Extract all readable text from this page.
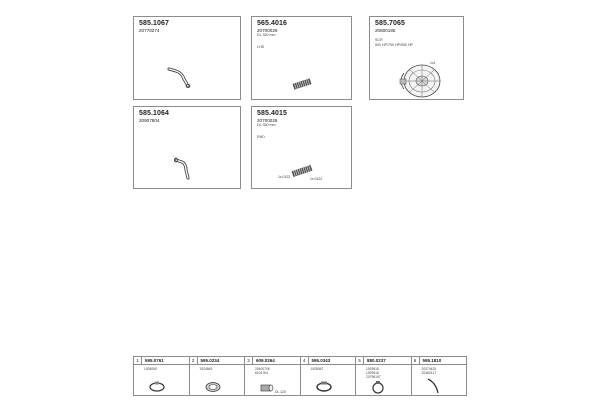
585.1067
20778274
565.4016
20700029
DL 350 mm
LHD
585.7065
20800185
SCR
500 HP/750 HP/550 HP
1x1
585.1064
20907804
585.4015
20700028
DL 350 mm
RHD
1x 0123	1x 0124
1	595.0761
1928069
2	595.0234
1924849
3	609.0264
20400706
6104784
DL 120
4	595.0343
1928067
5	880.0237
1929515
1929516
20796197
6	595.1810
20374425
20382417
